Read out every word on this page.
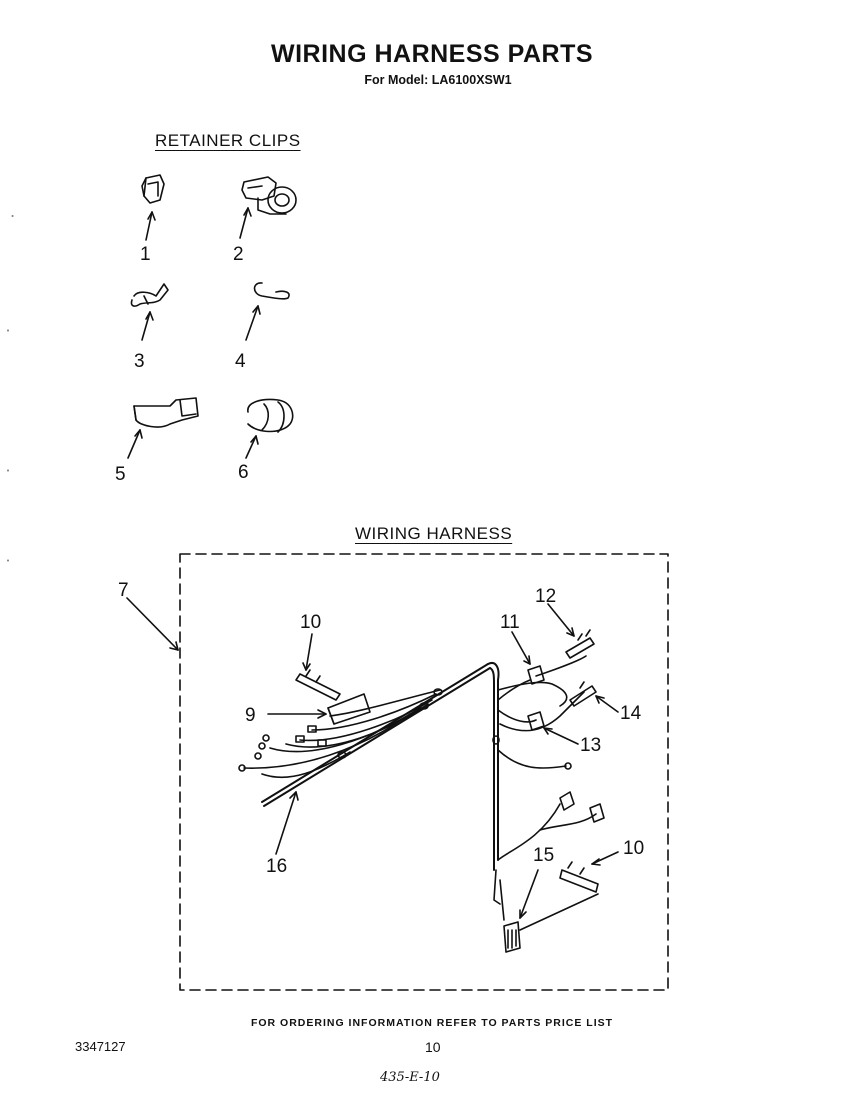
WIRING HARNESS PARTS
For Model: LA6100XSW1
RETAINER CLIPS
WIRING HARNESS
1	2
3	4
5	6
7
9
10
10
11
12
13
14
15
16
FOR ORDERING INFORMATION REFER TO PARTS PRICE LIST
3347127	10
435-E-10
